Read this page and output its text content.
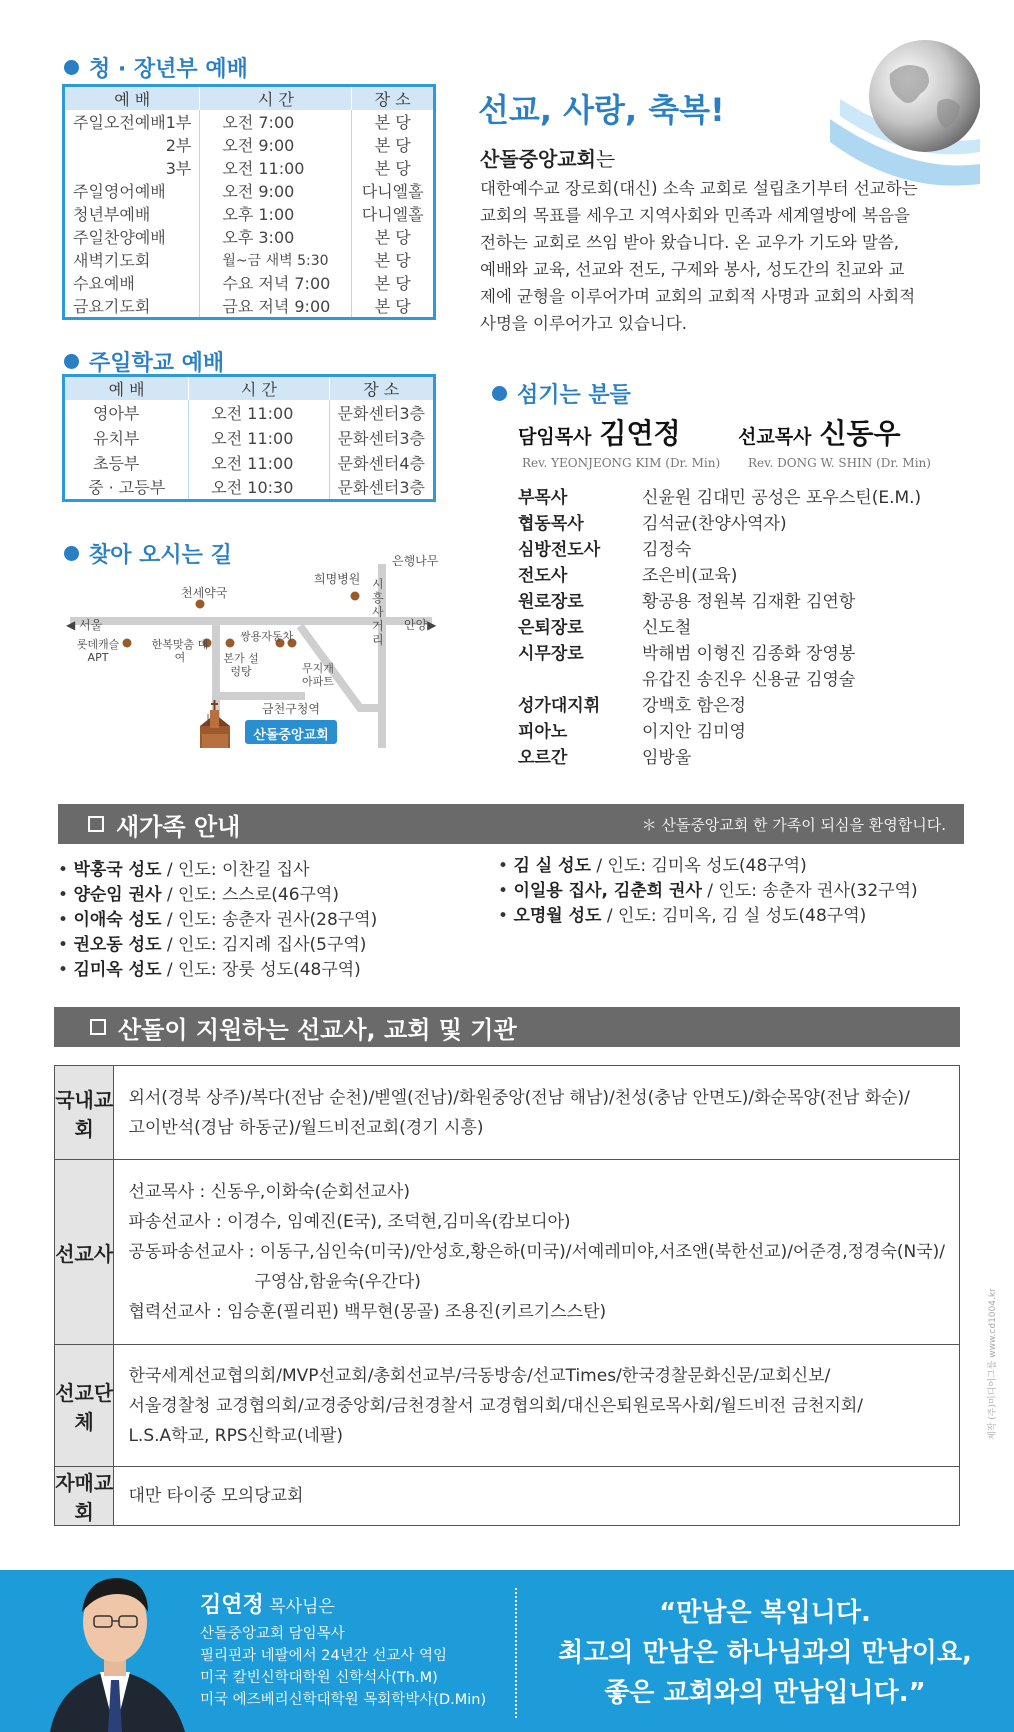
청 · 장년부 예배
예 배	시 간	장 소
주일오전예배1부	오전 7:00	본 당
2부	오전 9:00	본 당
3부	오전 11:00	본 당
주일영어예배	오전 9:00	다니엘홀
청년부예배	오후 1:00	다니엘홀
주일찬양예배	오후 3:00	본 당
새벽기도회	월~금 새벽 5:30	본 당
수요예배	수요 저녁 7:00	본 당
금요기도회	금요 저녁 9:00	본 당
주일학교 예배
예 배	시 간	장 소
영아부	오전 11:00	문화센터3층
유치부	오전 11:00	문화센터3층
초등부	오전 11:00	문화센터4층
중 · 고등부	오전 10:30	문화센터3층
찾아 오시는 길	은행나무
희명병원
천세약국
◀ 서울	안양▶
시흥사거리
롯데캐슬 APT
한복맞춤 대여	본가 설렁탕
쌍용자동차
무지개 아파트
금천구청역
산돌중앙교회
선교, 사랑, 축복!
산돌중앙교회는
대한예수교 장로회(대신) 소속 교회로 설립초기부터 선교하는 교회의 목표를 세우고 지역사회와 민족과 세계열방에 복음을 전하는 교회로 쓰임 받아 왔습니다. 온 교우가 기도와 말씀, 예배와 교육, 선교와 전도, 구제와 봉사, 성도간의 친교와 교제에 균형을 이루어가며 교회의 교회적 사명과 교회의 사회적 사명을 이루어가고 있습니다.
섬기는 분들
담임목사 김연정
Rev. YEONJEONG KIM (Dr. Min)
선교목사 신동우
Rev. DONG W. SHIN (Dr. Min)
부목사	신윤원 김대민 공성은 포우스틴(E.M.)
협동목사	김석균(찬양사역자)
심방전도사	김정숙
전도사	조은비(교육)
원로장로	황공용 정원복 김재환 김연항
은퇴장로	신도철
시무장로	박해범 이형진 김종화 장영봉
유갑진 송진우 신용균 김영술
성가대지휘	강백호 함은정
피아노	이지안 김미영
오르간	임방울
새가족 안내	＊ 산돌중앙교회 한 가족이 되심을 환영합니다.
• 박홍국 성도 / 인도: 이찬길 집사
• 양순임 권사 / 인도: 스스로(46구역)
• 이애숙 성도 / 인도: 송춘자 권사(28구역)
• 권오동 성도 / 인도: 김지례 집사(5구역)
• 김미옥 성도 / 인도: 장룻 성도(48구역)
• 김 실 성도 / 인도: 김미옥 성도(48구역)
• 이일용 집사, 김춘희 권사 / 인도: 송춘자 권사(32구역)
• 오명월 성도 / 인도: 김미옥, 김 실 성도(48구역)
산돌이 지원하는 선교사, 교회 및 기관
국내교회	외서(경북 상주)/복다(전남 순천)/벧엘(전남)/화원중앙(전남 해남)/천성(충남 안면도)/화순목양(전남 화순)/
고이반석(경남 하동군)/월드비전교회(경기 시흥)

선교사	선교목사 : 신동우,이화숙(순회선교사)
파송선교사 : 이경수, 임예진(E국), 조덕현,김미옥(캄보디아)
공동파송선교사 : 이동구,심인숙(미국)/안성호,황은하(미국)/서예레미야,서조앤(북한선교)/어준경,정경숙(N국)/
구영삼,함윤숙(우간다)
협력선교사 : 임승훈(필리핀) 백무현(몽골) 조용진(키르기스스탄)

선교단체	한국세계선교협의회/MVP선교회/총회선교부/극동방송/선교Times/한국경찰문화신문/교회신보/
서울경찰청 교경협의회/교경중앙회/금천경찰서 교경협의회/대신은퇴원로목사회/월드비전 금천지회/
L.S.A학교, RPS신학교(네팔)

자매교회	대만 타이중 모의당교회
제작 (주)미디어그룹 www.cd1004.kr
김연정 목사님은
산돌중앙교회 담임목사
필리핀과 네팔에서 24년간 선교사 역임
미국 칼빈신학대학원 신학석사(Th.M)
미국 에즈베리신학대학원 목회학박사(D.Min)
“만남은 복입니다.
최고의 만남은 하나님과의 만남이요,
좋은 교회와의 만남입니다.”
